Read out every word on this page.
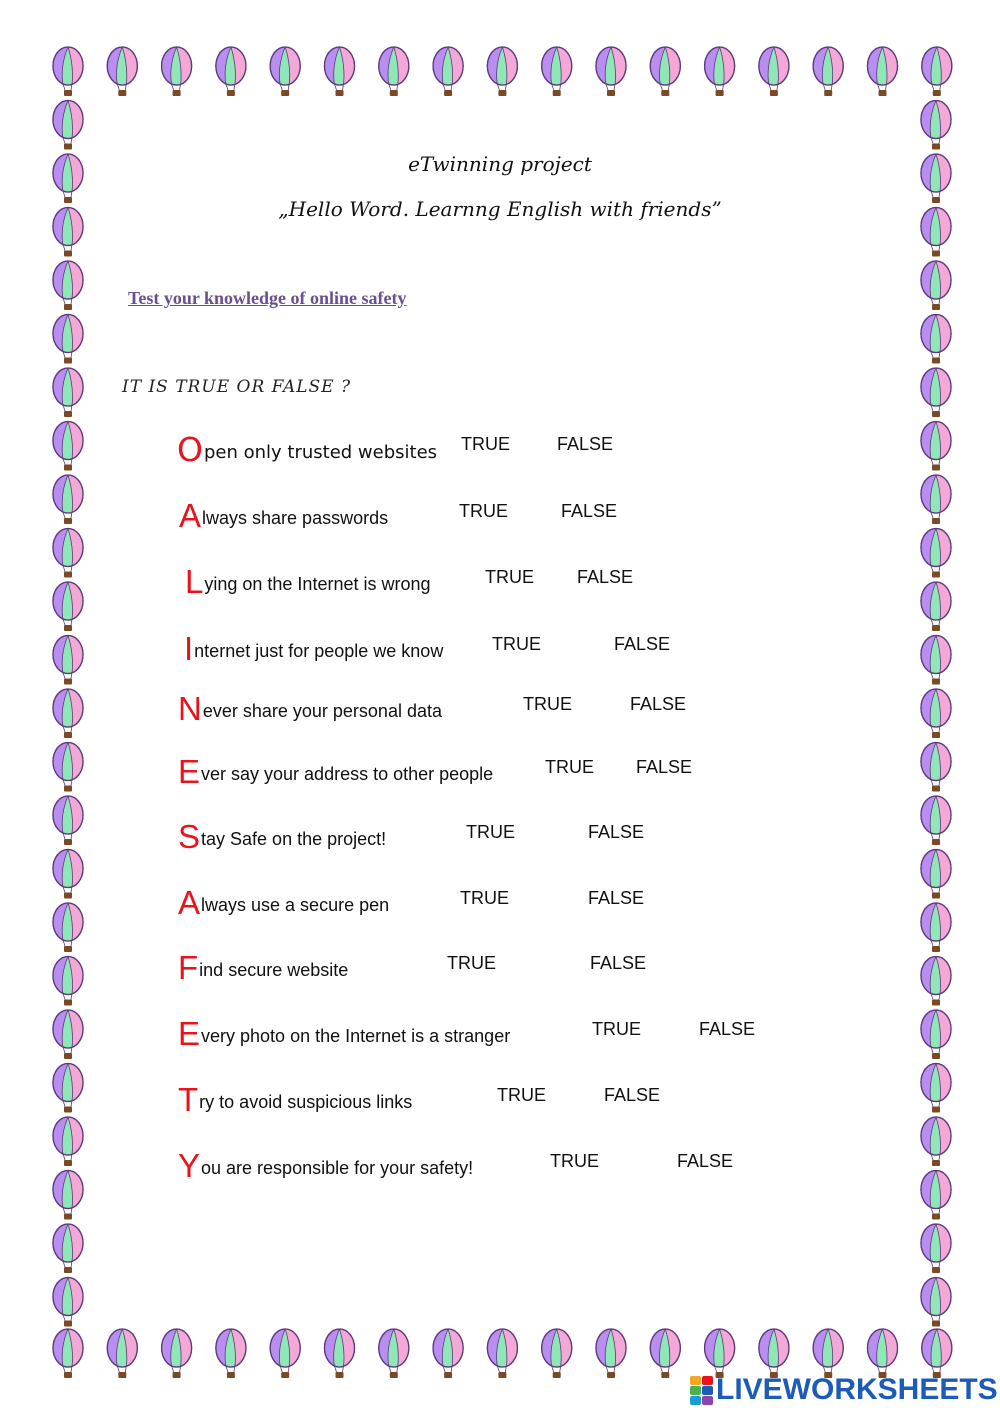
eTwinning project
„Hello Word. Learnng English with friends”
Test your knowledge of online safety
IT IS TRUE OR FALSE ?
Open only trusted websites TRUE	FALSE
Always share passwords	TRUE	FALSE
Lying on the Internet is wrong	TRUE FALSE
Internet just for people we know	TRUE	FALSE
Never share your personal data	TRUE	FALSE
Ever say your address to other people	TRUE FALSE
Stay Safe on the project!	TRUE	FALSE
Always use a secure pen	TRUE	FALSE
Find secure website	TRUE	FALSE
Every photo on the Internet is a stranger	TRUE	FALSE
Try to avoid suspicious links	TRUE	FALSE
You are responsible for your safety!	TRUE	FALSE
LIVEWORKSHEETS
